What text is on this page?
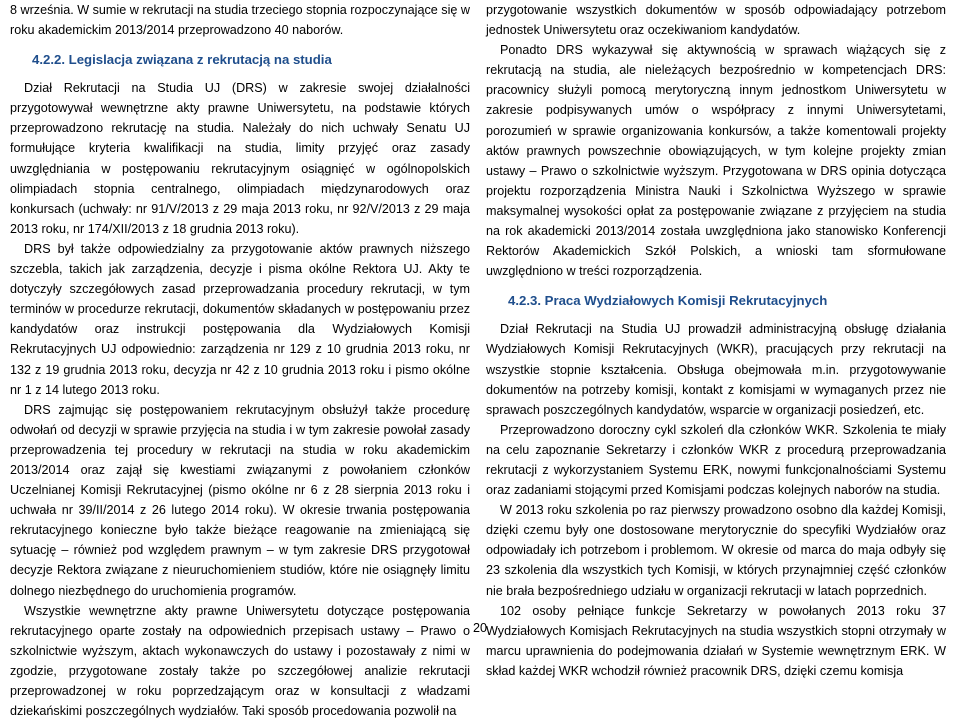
8 września. W sumie w rekrutacji na studia trzeciego stopnia rozpoczynające się w roku akademickim 2013/2014 przeprowadzono 40 naborów.

4.2.2. Legislacja związana z rekrutacją na studia

Dział Rekrutacji na Studia UJ (DRS) w zakresie swojej działalności przygotowywał wewnętrzne akty prawne Uniwersytetu, na podstawie których przeprowadzono rekrutację na studia. Należały do nich uchwały Senatu UJ formułujące kryteria kwalifikacji na studia, limity przyjęć oraz zasady uwzględniania w postępowaniu rekrutacyjnym osiągnięć w ogólnopolskich olimpiadach stopnia centralnego, olimpiadach międzynarodowych oraz konkursach (uchwały: nr 91/V/2013 z 29 maja 2013 roku, nr 92/V/2013 z 29 maja 2013 roku, nr 174/XII/2013 z 18 grudnia 2013 roku).

DRS był także odpowiedzialny za przygotowanie aktów prawnych niższego szczebla, takich jak zarządzenia, decyzje i pisma okólne Rektora UJ. Akty te dotyczyły szczegółowych zasad przeprowadzania procedury rekrutacji, w tym terminów w procedurze rekrutacji, dokumentów składanych w postępowaniu przez kandydatów oraz instrukcji postępowania dla Wydziałowych Komisji Rekrutacyjnych UJ odpowiednio: zarządzenia nr 129 z 10 grudnia 2013 roku, nr 132 z 19 grudnia 2013 roku, decyzja nr 42 z 10 grudnia 2013 roku i pismo okólne nr 1 z 14 lutego 2013 roku.

DRS zajmując się postępowaniem rekrutacyjnym obsłużył także procedurę odwołań od decyzji w sprawie przyjęcia na studia i w tym zakresie powołał zasady przeprowadzenia tej procedury w rekrutacji na studia w roku akademickim 2013/2014 oraz zajął się kwestiami związanymi z powołaniem członków Uczelnianej Komisji Rekrutacyjnej (pismo okólne nr 6 z 28 sierpnia 2013 roku i uchwała nr 39/II/2014 z 26 lutego 2014 roku). W okresie trwania postępowania rekrutacyjnego konieczne było także bieżące reagowanie na zmieniającą się sytuację – również pod względem prawnym – w tym zakresie DRS przygotował decyzje Rektora związane z nieuruchomieniem studiów, które nie osiągnęły limitu dolnego niezbędnego do uruchomienia programów.

Wszystkie wewnętrzne akty prawne Uniwersytetu dotyczące postępowania rekrutacyjnego oparte zostały na odpowiednich przepisach ustawy – Prawo o szkolnictwie wyższym, aktach wykonawczych do ustawy i pozostawały z nimi w zgodzie, przygotowane zostały także po szczegółowej analizie rekrutacji przeprowadzonej w roku poprzedzającym oraz w konsultacji z władzami dziekańskimi poszczególnych wydziałów. Taki sposób procedowania pozwolił na

przygotowanie wszystkich dokumentów w sposób odpowiadający potrzebom jednostek Uniwersytetu oraz oczekiwaniom kandydatów.

Ponadto DRS wykazywał się aktywnością w sprawach wiążących się z rekrutacją na studia, ale nieleżących bezpośrednio w kompetencjach DRS: pracownicy służyli pomocą merytoryczną innym jednostkom Uniwersytetu w zakresie podpisywanych umów o współpracy z innymi Uniwersytetami, porozumień w sprawie organizowania konkursów, a także komentowali projekty aktów prawnych powszechnie obowiązujących, w tym kolejne projekty zmian ustawy – Prawo o szkolnictwie wyższym. Przygotowana w DRS opinia dotycząca projektu rozporządzenia Ministra Nauki i Szkolnictwa Wyższego w sprawie maksymalnej wysokości opłat za postępowanie związane z przyjęciem na studia na rok akademicki 2013/2014 została uwzględniona jako stanowisko Konferencji Rektorów Akademickich Szkół Polskich, a wnioski tam sformułowane uwzględniono w treści rozporządzenia.

4.2.3. Praca Wydziałowych Komisji Rekrutacyjnych

Dział Rekrutacji na Studia UJ prowadził administracyjną obsługę działania Wydziałowych Komisji Rekrutacyjnych (WKR), pracujących przy rekrutacji na wszystkie stopnie kształcenia. Obsługa obejmowała m.in. przygotowywanie dokumentów na potrzeby komisji, kontakt z komisjami w wymaganych przez nie sprawach poszczególnych kandydatów, wsparcie w organizacji posiedzeń, etc.

Przeprowadzono doroczny cykl szkoleń dla członków WKR. Szkolenia te miały na celu zapoznanie Sekretarzy i członków WKR z procedurą przeprowadzania rekrutacji z wykorzystaniem Systemu ERK, nowymi funkcjonalnościami Systemu oraz zadaniami stojącymi przed Komisjami podczas kolejnych naborów na studia.

W 2013 roku szkolenia po raz pierwszy prowadzono osobno dla każdej Komisji, dzięki czemu były one dostosowane merytorycznie do specyfiki Wydziałów oraz odpowiadały ich potrzebom i problemom. W okresie od marca do maja odbyły się 23 szkolenia dla wszystkich tych Komisji, w których przynajmniej część członków nie brała bezpośredniego udziału w organizacji rekrutacji w latach poprzednich.

102 osoby pełniące funkcje Sekretarzy w powołanych 2013 roku 37 Wydziałowych Komisjach Rekrutacyjnych na studia wszystkich stopni otrzymały w marcu uprawnienia do podejmowania działań w Systemie wewnętrznym ERK. W skład każdej WKR wchodził również pracownik DRS, dzięki czemu komisja

20
